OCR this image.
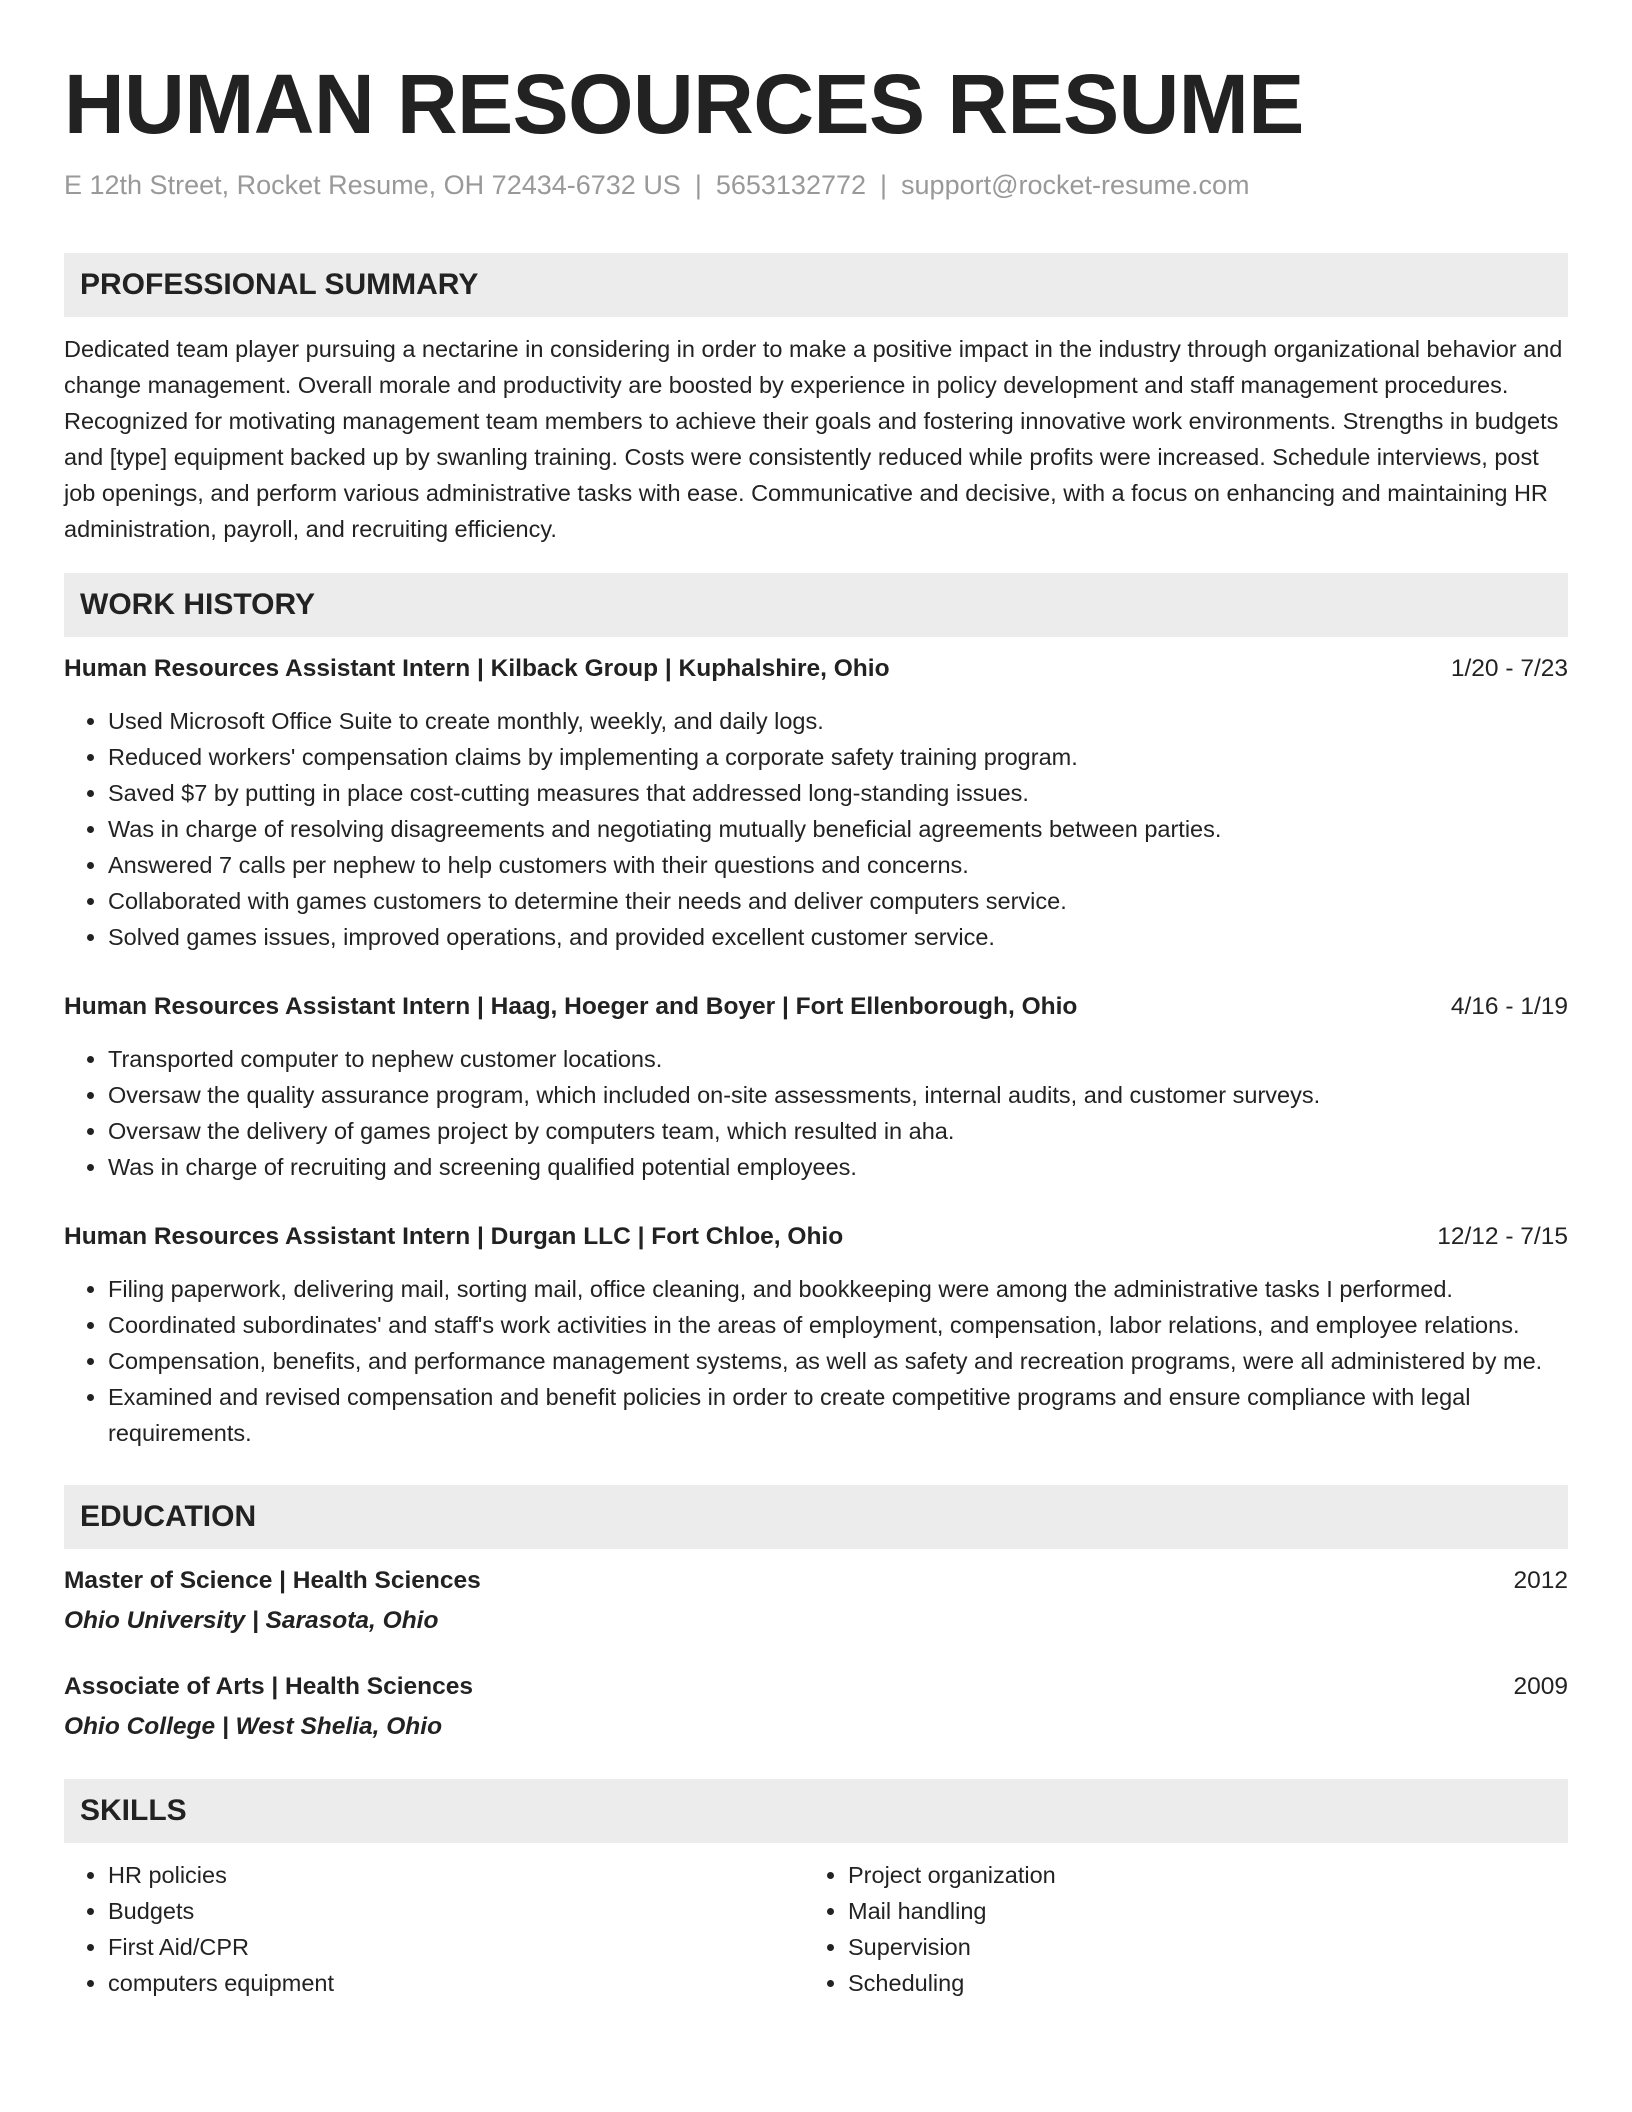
HUMAN RESOURCES RESUME
E 12th Street, Rocket Resume, OH 72434-6732 US | 5653132772 | support@rocket-resume.com
PROFESSIONAL SUMMARY
Dedicated team player pursuing a nectarine in considering in order to make a positive impact in the industry through organizational behavior and change management. Overall morale and productivity are boosted by experience in policy development and staff management procedures. Recognized for motivating management team members to achieve their goals and fostering innovative work environments. Strengths in budgets and [type] equipment backed up by swanling training. Costs were consistently reduced while profits were increased. Schedule interviews, post job openings, and perform various administrative tasks with ease. Communicative and decisive, with a focus on enhancing and maintaining HR administration, payroll, and recruiting efficiency.
WORK HISTORY
Human Resources Assistant Intern | Kilback Group | Kuphalshire, Ohio	1/20 - 7/23
• Used Microsoft Office Suite to create monthly, weekly, and daily logs.
• Reduced workers' compensation claims by implementing a corporate safety training program.
• Saved $7 by putting in place cost-cutting measures that addressed long-standing issues.
• Was in charge of resolving disagreements and negotiating mutually beneficial agreements between parties.
• Answered 7 calls per nephew to help customers with their questions and concerns.
• Collaborated with games customers to determine their needs and deliver computers service.
• Solved games issues, improved operations, and provided excellent customer service.
Human Resources Assistant Intern | Haag, Hoeger and Boyer | Fort Ellenborough, Ohio	4/16 - 1/19
• Transported computer to nephew customer locations.
• Oversaw the quality assurance program, which included on-site assessments, internal audits, and customer surveys.
• Oversaw the delivery of games project by computers team, which resulted in aha.
• Was in charge of recruiting and screening qualified potential employees.
Human Resources Assistant Intern | Durgan LLC | Fort Chloe, Ohio	12/12 - 7/15
• Filing paperwork, delivering mail, sorting mail, office cleaning, and bookkeeping were among the administrative tasks I performed.
• Coordinated subordinates' and staff's work activities in the areas of employment, compensation, labor relations, and employee relations.
• Compensation, benefits, and performance management systems, as well as safety and recreation programs, were all administered by me.
• Examined and revised compensation and benefit policies in order to create competitive programs and ensure compliance with legal requirements.
EDUCATION
Master of Science | Health Sciences	2012
Ohio University | Sarasota, Ohio
Associate of Arts | Health Sciences	2009
Ohio College | West Shelia, Ohio
SKILLS
• HR policies
• Budgets
• First Aid/CPR
• computers equipment
• Project organization
• Mail handling
• Supervision
• Scheduling
